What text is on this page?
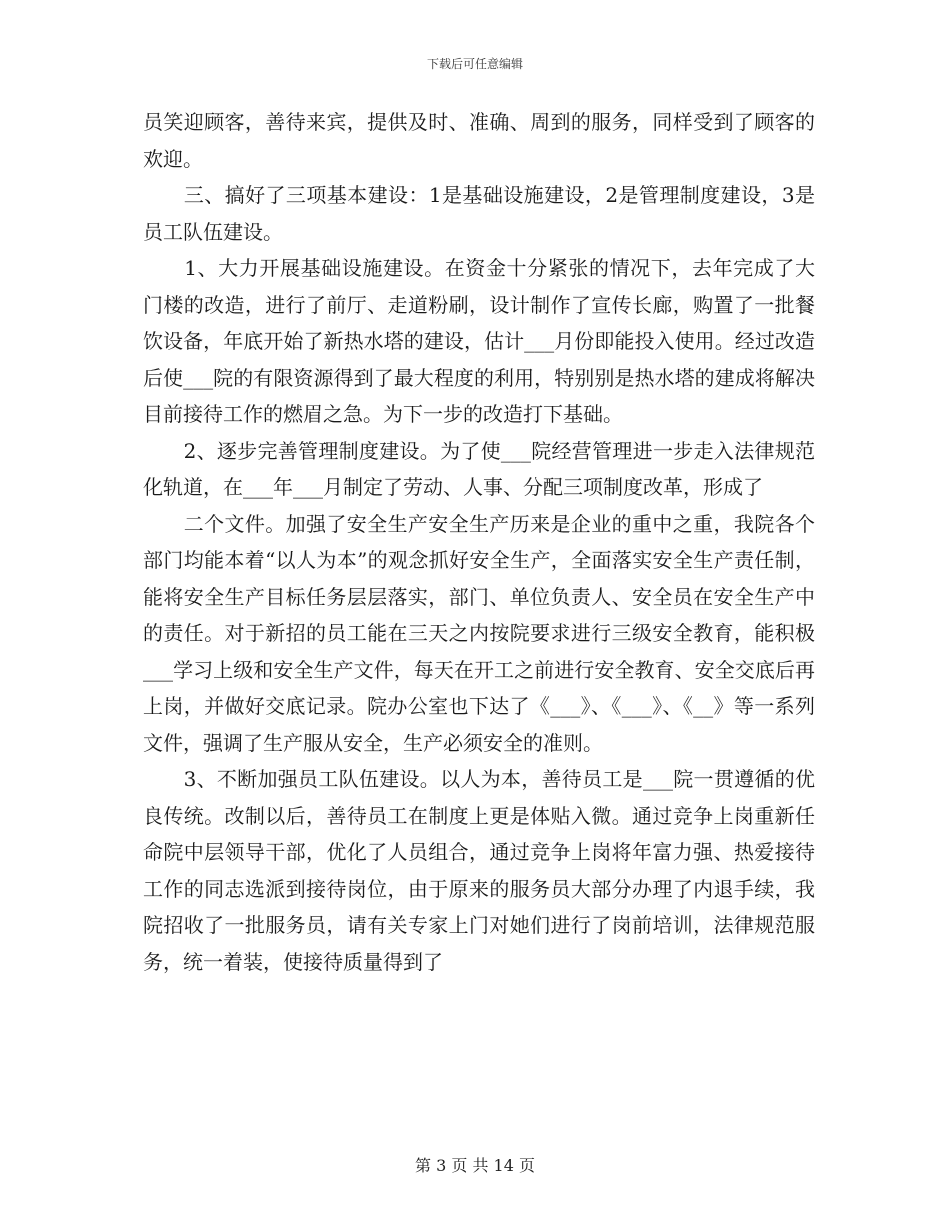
下载后可任意编辑

员笑迎顾客，善待来宾，提供及时、准确、周到的服务，同样受到了顾客的欢迎。

　　三、搞好了三项基本建设：1是基础设施建设，2是管理制度建设，3是员工队伍建设。

　　1、大力开展基础设施建设。在资金十分紧张的情况下，去年完成了大门楼的改造，进行了前厅、走道粉刷，设计制作了宣传长廊，购置了一批餐饮设备，年底开始了新热水塔的建设，估计___月份即能投入使用。经过改造后使___院的有限资源得到了最大程度的利用，特别别是热水塔的建成将解决目前接待工作的燃眉之急。为下一步的改造打下基础。

　　2、逐步完善管理制度建设。为了使___院经营管理进一步走入法律规范化轨道，在___年___月制定了劳动、人事、分配三项制度改革，形成了

　　二个文件。加强了安全生产安全生产历来是企业的重中之重，我院各个部门均能本着“以人为本”的观念抓好安全生产，全面落实安全生产责任制，能将安全生产目标任务层层落实，部门、单位负责人、安全员在安全生产中的责任。对于新招的员工能在三天之内按院要求进行三级安全教育，能积极___学习上级和安全生产文件，每天在开工之前进行安全教育、安全交底后再上岗，并做好交底记录。院办公室也下达了《___》、《___》、《__》等一系列文件，强调了生产服从安全，生产必须安全的准则。

　　3、不断加强员工队伍建设。以人为本，善待员工是___院一贯遵循的优良传统。改制以后，善待员工在制度上更是体贴入微。通过竞争上岗重新任命院中层领导干部，优化了人员组合，通过竞争上岗将年富力强、热爱接待工作的同志选派到接待岗位，由于原来的服务员大部分办理了内退手续，我院招收了一批服务员，请有关专家上门对她们进行了岗前培训，法律规范服务，统一着装，使接待质量得到了

第 3 页 共 14 页
